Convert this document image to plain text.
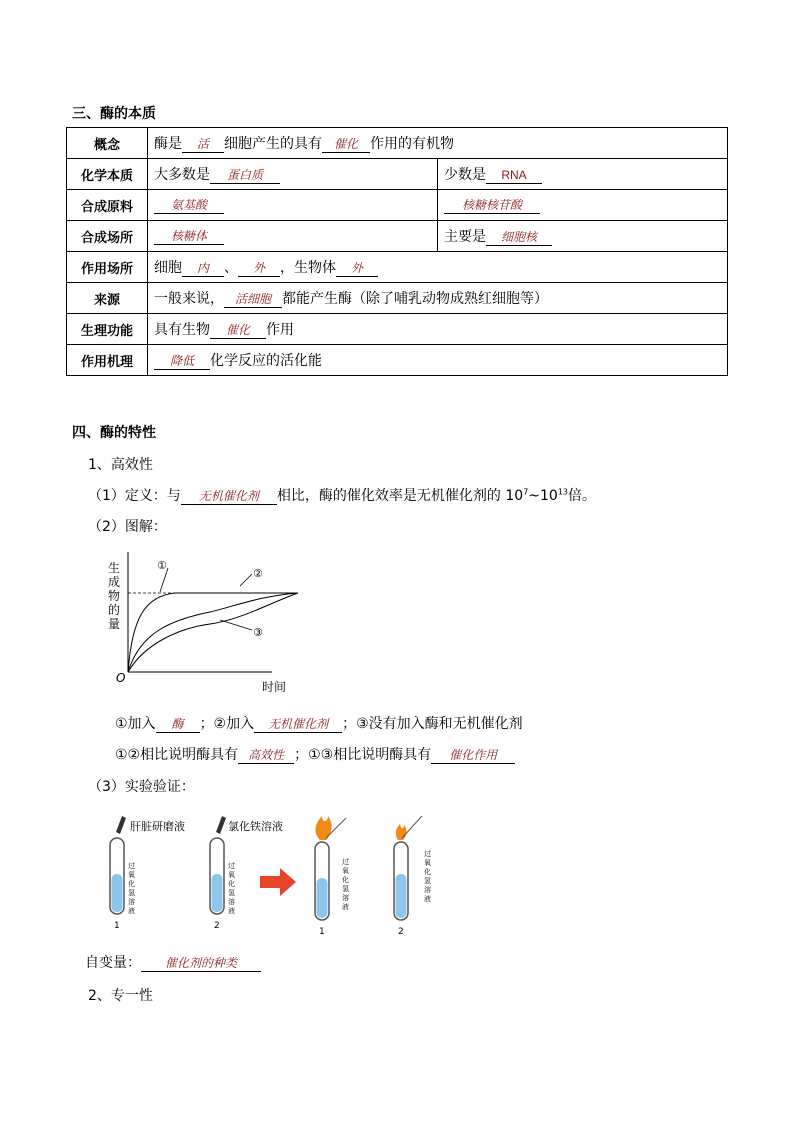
三、酶的本质
概念	酶是 活 细胞产生的具有 催化 作用的有机物	
化学本质	大多数是 蛋白质	少数是 RNA
合成原料	氨基酸	核糖核苷酸
合成场所	核糖体	主要是 细胞核
作用场所	细胞 内 、 外 ，生物体 外	
来源	一般来说， 活细胞 都能产生酶（除了哺乳动物成熟红细胞等）	
生理功能	具有生物 催化 作用	
作用机理	降低 化学反应的活化能	
四、酶的特性
1、高效性
（1）定义：与 无机催化剂 相比，酶的催化效率是无机催化剂的 $10^7\sim 10^{13}$倍。
（2）图解：
生
成
物
的
量
时间
O
①
②
③
①加入 酶 ；②加入 无机催化剂 ；③没有加入酶和无机催化剂
①②相比说明酶具有 高效性 ；①③相比说明酶具有 催化作用
（3）实验验证：
肝脏研磨液
过
氧
化
氢
溶
液
1
氯化铁溶液
过
氧
化
氢
溶
液
2
过
氧
化
氢
溶
液
1
过
氧
化
氢
溶
液
2
自变量： 催化剂的种类
2、专一性
